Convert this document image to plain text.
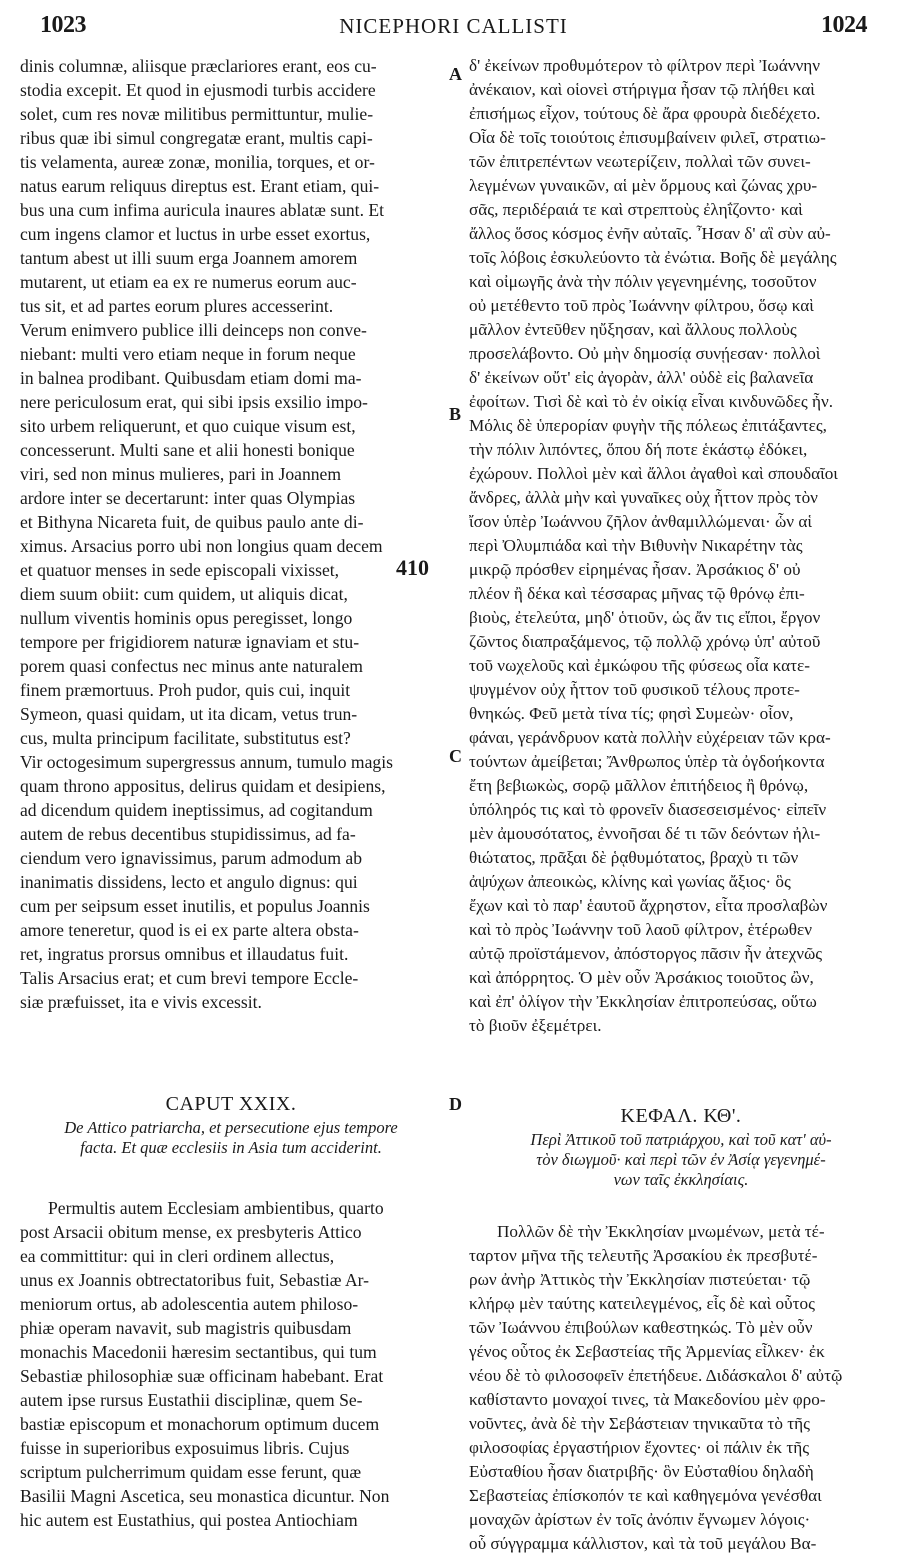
1023	NICEPHORI CALLISTI	1024
A
B
C
D
410
dinis columnæ, aliisque præclariores erant, eos cu-
stodia excepit. Et quod in ejusmodi turbis accidere
solet, cum res novæ militibus permittuntur, mulie-
ribus quæ ibi simul congregatæ erant, multis capi-
tis velamenta, aureæ zonæ, monilia, torques, et or-
natus earum reliquus direptus est. Erant etiam, qui-
bus una cum infima auricula inaures ablatæ sunt. Et
cum ingens clamor et luctus in urbe esset exortus,
tantum abest ut illi suum erga Joannem amorem
mutarent, ut etiam ea ex re numerus eorum auc-
tus sit, et ad partes eorum plures accesserint.
Verum enimvero publice illi deinceps non conve-
niebant: multi vero etiam neque in forum neque
in balnea prodibant. Quibusdam etiam domi ma-
nere periculosum erat, qui sibi ipsis exsilio impo-
sito urbem reliquerunt, et quo cuique visum est,
concesserunt. Multi sane et alii honesti bonique
viri, sed non minus mulieres, pari in Joannem
ardore inter se decertarunt: inter quas Olympias
et Bithyna Nicareta fuit, de quibus paulo ante di-
ximus. Arsacius porro ubi non longius quam decem
et quatuor menses in sede episcopali vixisset,
diem suum obiit: cum quidem, ut aliquis dicat,
nullum viventis hominis opus peregisset, longo
tempore per frigidiorem naturæ ignaviam et stu-
porem quasi confectus nec minus ante naturalem
finem præmortuus. Proh pudor, quis cui, inquit
Symeon, quasi quidam, ut ita dicam, vetus trun-
cus, multa principum facilitate, substitutus est?
Vir octogesimum supergressus annum, tumulo magis
quam throno appositus, delirus quidam et desipiens,
ad dicendum quidem ineptissimus, ad cogitandum
autem de rebus decentibus stupidissimus, ad fa-
ciendum vero ignavissimus, parum admodum ab
inanimatis dissidens, lecto et angulo dignus: qui
cum per seipsum esset inutilis, et populus Joannis
amore teneretur, quod is ei ex parte altera obsta-
ret, ingratus prorsus omnibus et illaudatus fuit.
Talis Arsacius erat; et cum brevi tempore Eccle-
siæ præfuisset, ita e vivis excessit.
CAPUT XXIX.
De Attico patriarcha, et persecutione ejus tempore
facta. Et quæ ecclesiis in Asia tum acciderint.
Permultis autem Ecclesiam ambientibus, quarto
post Arsacii obitum mense, ex presbyteris Attico
ea committitur: qui in cleri ordinem allectus,
unus ex Joannis obtrectatoribus fuit, Sebastiæ Ar-
meniorum ortus, ab adolescentia autem philoso-
phiæ operam navavit, sub magistris quibusdam
monachis Macedonii hæresim sectantibus, qui tum
Sebastiæ philosophiæ suæ officinam habebant. Erat
autem ipse rursus Eustathii disciplinæ, quem Se-
bastiæ episcopum et monachorum optimum ducem
fuisse in superioribus exposuimus libris. Cujus
scriptum pulcherrimum quidam esse ferunt, quæ
Basilii Magni Ascetica, seu monastica dicuntur. Non
hic autem est Eustathius, qui postea Antiochiam
δ' ἐκείνων προθυμότερον τὸ φίλτρον περὶ Ἰωάννην
ἀνέκαιον, καὶ οἱονεὶ στήριγμα ἦσαν τῷ πλήθει καὶ
ἐπισήμως εἶχον, τούτους δὲ ἄρα φρουρὰ διεδέχετο.
Οἷα δὲ τοῖς τοιούτοις ἐπισυμβαίνειν φιλεῖ, στρατιω-
τῶν ἐπιτρεπέντων νεωτερίζειν, πολλαὶ τῶν συνει-
λεγμένων γυναικῶν, αἱ μὲν ὅρμους καὶ ζώνας χρυ-
σᾶς, περιδέραιά τε καὶ στρεπτοὺς ἐληΐζοντο· καὶ
ἄλλος ὅσος κόσμος ἐνῆν αὐταῖς. Ἦσαν δ' αἳ σὺν αὐ-
τοῖς λόβοις ἐσκυλεύοντο τὰ ἐνώτια. Βοῆς δὲ μεγάλης
καὶ οἰμωγῆς ἀνὰ τὴν πόλιν γεγενημένης, τοσοῦτον
οὐ μετέθεντο τοῦ πρὸς Ἰωάννην φίλτρου, ὅσῳ καὶ
μᾶλλον ἐντεῦθεν ηὔξησαν, καὶ ἄλλους πολλοὺς
προσελάβοντο. Οὐ μὴν δημοσίᾳ συνῄεσαν· πολλοὶ
δ' ἐκείνων οὔτ' εἰς ἀγορὰν, ἀλλ' οὐδὲ εἰς βαλανεῖα
ἐφοίτων. Τισὶ δὲ καὶ τὸ ἐν οἰκίᾳ εἶναι κινδυνῶδες ἦν.
Μόλις δὲ ὑπερορίαν φυγὴν τῆς πόλεως ἐπιτάξαντες,
τὴν πόλιν λιπόντες, ὅπου δή ποτε ἑκάστῳ ἐδόκει,
ἐχώρουν. Πολλοὶ μὲν καὶ ἄλλοι ἀγαθοὶ καὶ σπουδαῖοι
ἄνδρες, ἀλλὰ μὴν καὶ γυναῖκες οὐχ ἧττον πρὸς τὸν
ἴσον ὑπὲρ Ἰωάννου ζῆλον ἀνθαμιλλώμεναι· ὧν αἱ
περὶ Ὀλυμπιάδα καὶ τὴν Βιθυνὴν Νικαρέτην τὰς
μικρῷ πρόσθεν εἰρημένας ἦσαν. Ἀρσάκιος δ' οὐ
πλέον ἢ δέκα καὶ τέσσαρας μῆνας τῷ θρόνῳ ἐπι-
βιοὺς, ἐτελεύτα, μηδ' ὁτιοῦν, ὡς ἄν τις εἴποι, ἔργον
ζῶντος διαπραξάμενος, τῷ πολλῷ χρόνῳ ὑπ' αὐτοῦ
τοῦ νωχελοῦς καὶ ἐμκώφου τῆς φύσεως οἷα κατε-
ψυγμένον οὐχ ἧττον τοῦ φυσικοῦ τέλους προτε-
θνηκώς. Φεῦ μετὰ τίνα τίς; φησὶ Συμεὼν· οἷον,
φάναι, γεράνδρυον κατὰ πολλὴν εὐχέρειαν τῶν κρα-
τούντων ἀμείβεται; Ἄνθρωπος ὑπὲρ τὰ ὀγδοήκοντα
ἔτη βεβιωκὼς, σορῷ μᾶλλον ἐπιτήδειος ἢ θρόνῳ,
ὑπόληρός τις καὶ τὸ φρονεῖν διασεσεισμένος· εἰπεῖν
μὲν ἀμουσότατος, ἐννοῆσαι δέ τι τῶν δεόντων ἠλι-
θιώτατος, πρᾶξαι δὲ ῥᾳθυμότατος, βραχὺ τι τῶν
ἀψύχων ἀπεοικὼς, κλίνης καὶ γωνίας ἄξιος· ὃς
ἔχων καὶ τὸ παρ' ἑαυτοῦ ἄχρηστον, εἶτα προσλαβὼν
καὶ τὸ πρὸς Ἰωάννην τοῦ λαοῦ φίλτρον, ἑτέρωθεν
αὐτῷ προϊστάμενον, ἀπόστοργος πᾶσιν ἦν ἀτεχνῶς
καὶ ἀπόρρητος. Ὁ μὲν οὖν Ἀρσάκιος τοιοῦτος ὢν,
καὶ ἐπ' ὀλίγον τὴν Ἐκκλησίαν ἐπιτροπεύσας, οὕτω
τὸ βιοῦν ἐξεμέτρει.
ΚΕΦΑΛ. ΚΘ'.
Περὶ Ἀττικοῦ τοῦ πατριάρχου, καὶ τοῦ κατ' αὐ-
τὸν διωγμοῦ· καὶ περὶ τῶν ἐν Ἀσίᾳ γεγενημέ-
νων ταῖς ἐκκλησίαις.
Πολλῶν δὲ τὴν Ἐκκλησίαν μνωμένων, μετὰ τέ-
ταρτον μῆνα τῆς τελευτῆς Ἀρσακίου ἐκ πρεσβυτέ-
ρων ἀνὴρ Ἀττικὸς τὴν Ἐκκλησίαν πιστεύεται· τῷ
κλήρῳ μὲν ταύτης κατειλεγμένος, εἷς δὲ καὶ οὗτος
τῶν Ἰωάννου ἐπιβούλων καθεστηκώς. Τὸ μὲν οὖν
γένος οὗτος ἐκ Σεβαστείας τῆς Ἀρμενίας εἶλκεν· ἐκ
νέου δὲ τὸ φιλοσοφεῖν ἐπετήδευε. Διδάσκαλοι δ' αὐτῷ
καθίσταντο μοναχοί τινες, τὰ Μακεδονίου μὲν φρο-
νοῦντες, ἀνὰ δὲ τὴν Σεβάστειαν τηνικαῦτα τὸ τῆς
φιλοσοφίας ἐργαστήριον ἔχοντες· οἱ πάλιν ἐκ τῆς
Εὐσταθίου ἦσαν διατριβῆς· ὃν Εὐσταθίου δηλαδὴ
Σεβαστείας ἐπίσκοπόν τε καὶ καθηγεμόνα γενέσθαι
μοναχῶν ἀρίστων ἐν τοῖς ἀνόπιν ἔγνωμεν λόγοις·
οὗ σύγγραμμα κάλλιστον, καὶ τὰ τοῦ μεγάλου Βα-
